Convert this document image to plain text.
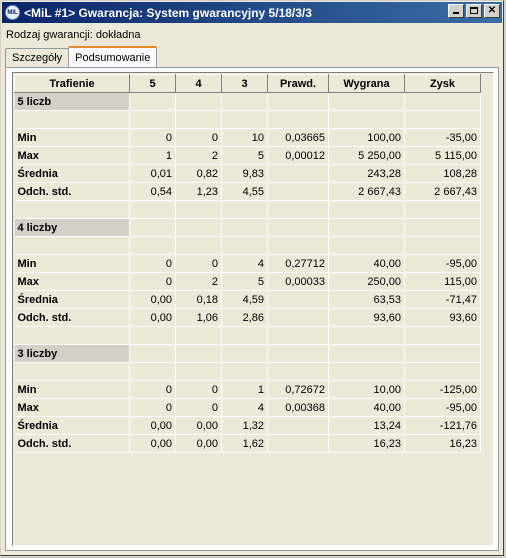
MIL <MiL #1> Gwarancja: System gwarancyjny 5/18/3/3	✕
Rodzaj gwarancji: dokładna
Szczegóły	Podsumowanie
Trafienie	5	4	3	Prawd.	Wygrana	Zysk
5 liczb						

Min	0	0	10	0,03665	100,00	-35,00
Max	1	2	5	0,00012	5 250,00	5 115,00
Średnia	0,01	0,82	9,83		243,28	108,28
Odch. std.	0,54	1,23	4,55		2 667,43	2 667,43

4 liczby						

Min	0	0	4	0,27712	40,00	-95,00
Max	0	2	5	0,00033	250,00	115,00
Średnia	0,00	0,18	4,59		63,53	-71,47
Odch. std.	0,00	1,06	2,86		93,60	93,60

3 liczby						

Min	0	0	1	0,72672	10,00	-125,00
Max	0	0	4	0,00368	40,00	-95,00
Średnia	0,00	0,00	1,32		13,24	-121,76
Odch. std.	0,00	0,00	1,62		16,23	16,23
